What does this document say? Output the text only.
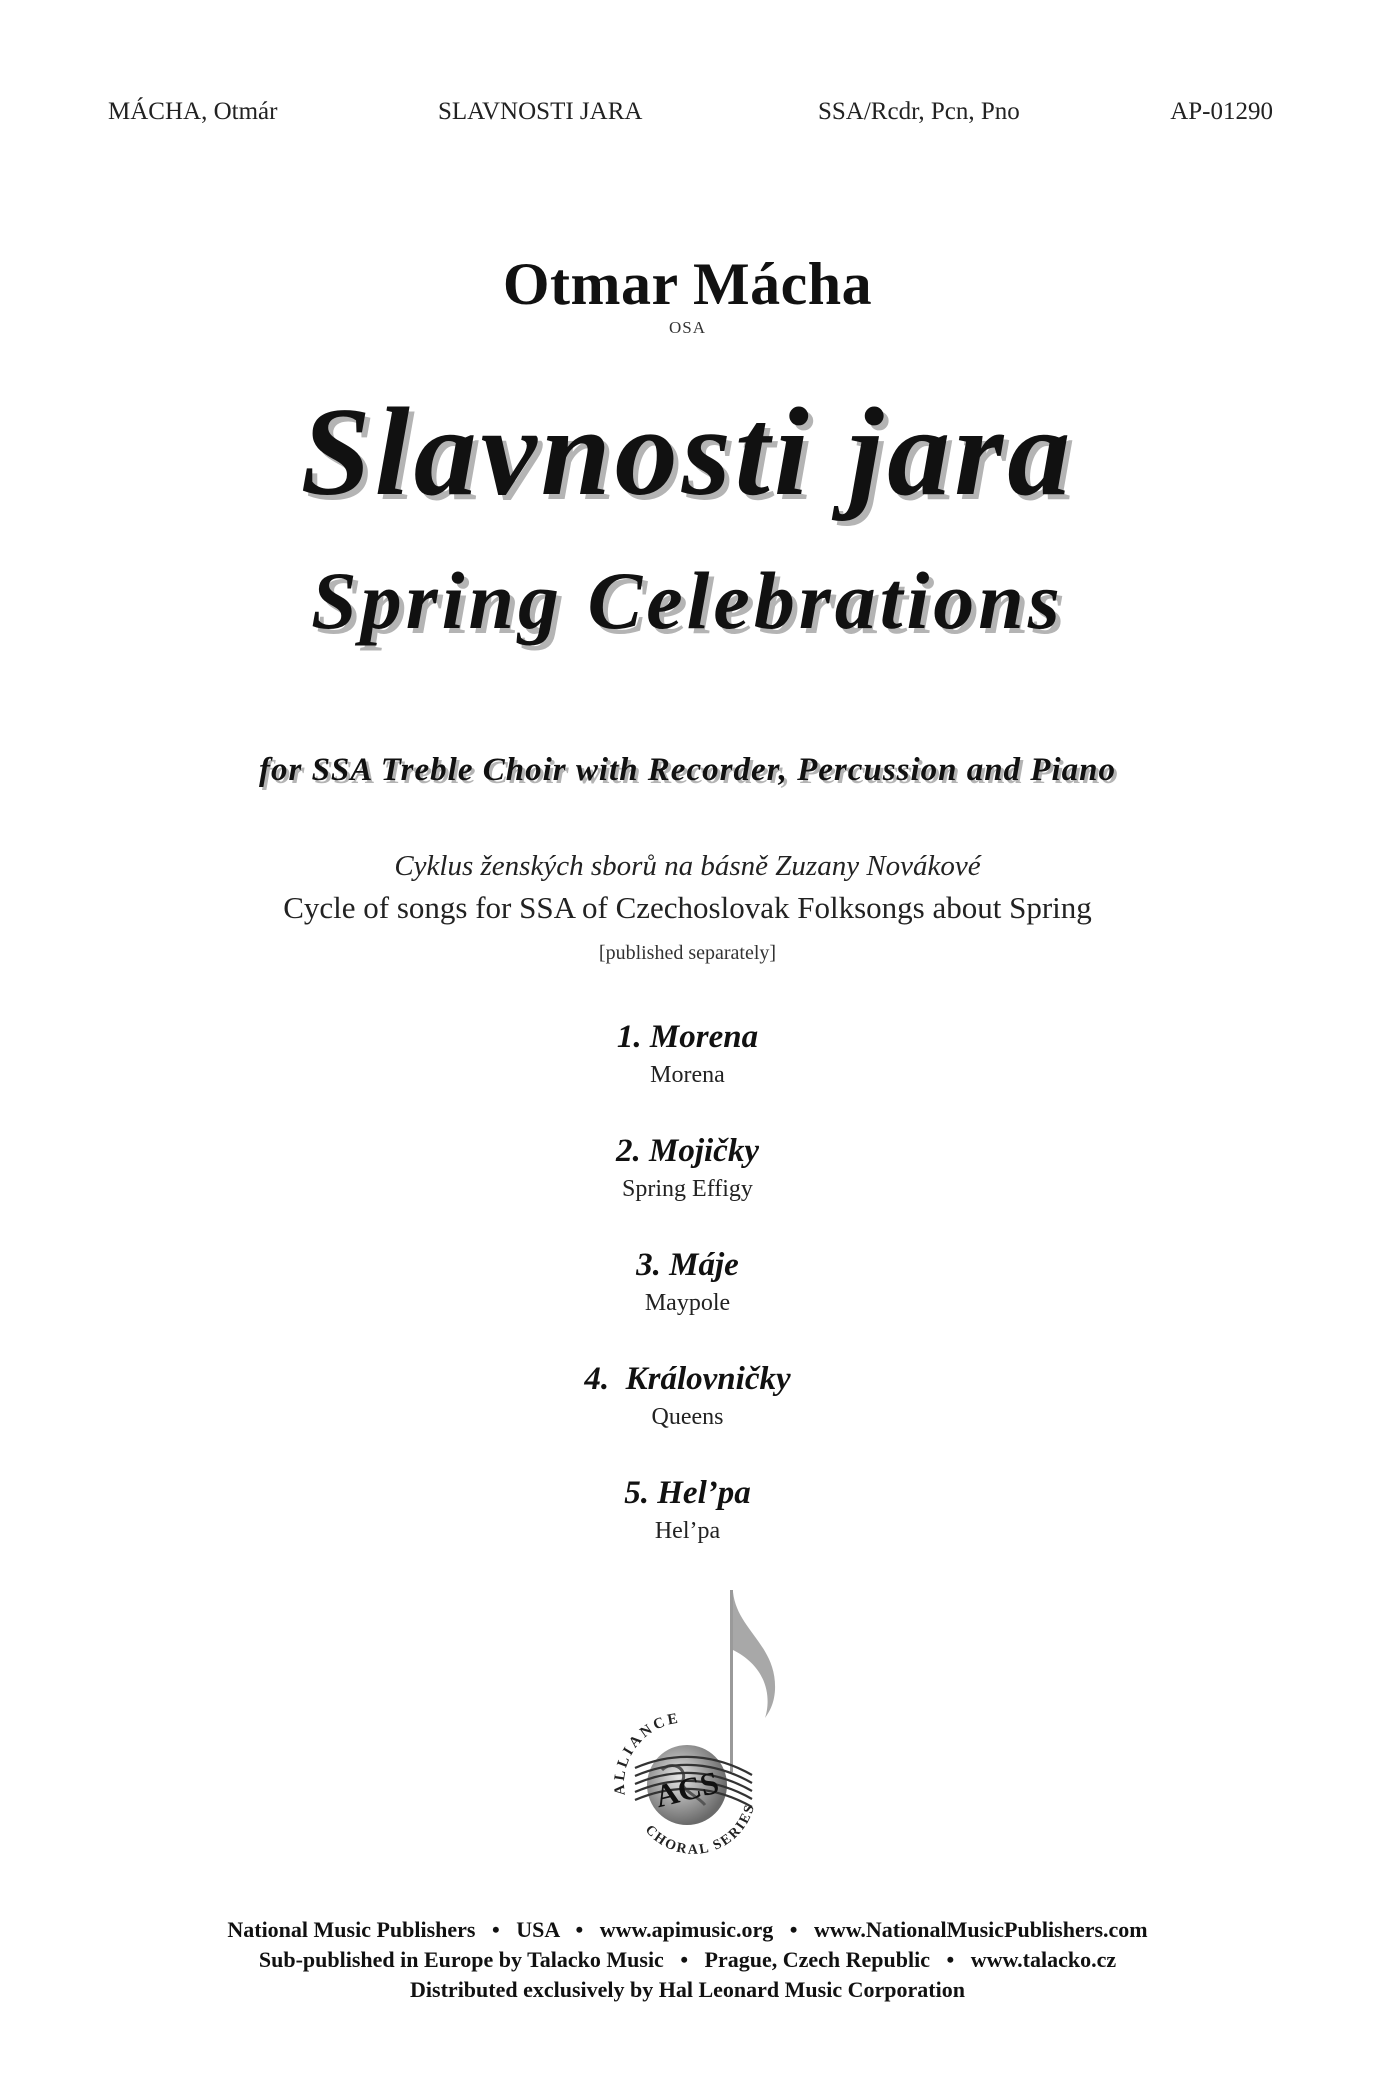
MÁCHA, Otmár	SLAVNOSTI JARA	SSA/Rcdr, Pcn, Pno	AP-01290
Otmar Mácha
OSA
Slavnosti jara
Spring Celebrations
for SSA Treble Choir with Recorder, Percussion and Piano
Cyklus ženských sborů na básně Zuzany Novákové
Cycle of songs for SSA of Czechoslovak Folksongs about Spring
[published separately]
1. Morena
Morena
2. Mojičky
Spring Effigy
3. Máje
Maypole
4.  Královničky
Queens
5. Hel’pa
Hel’pa
ACS
ALLIANCE
CHORAL SERIES
National Music Publishers   •   USA   •   www.apimusic.org   •   www.NationalMusicPublishers.com
Sub-published in Europe by Talacko Music   •   Prague, Czech Republic   •   www.talacko.cz
Distributed exclusively by Hal Leonard Music Corporation
